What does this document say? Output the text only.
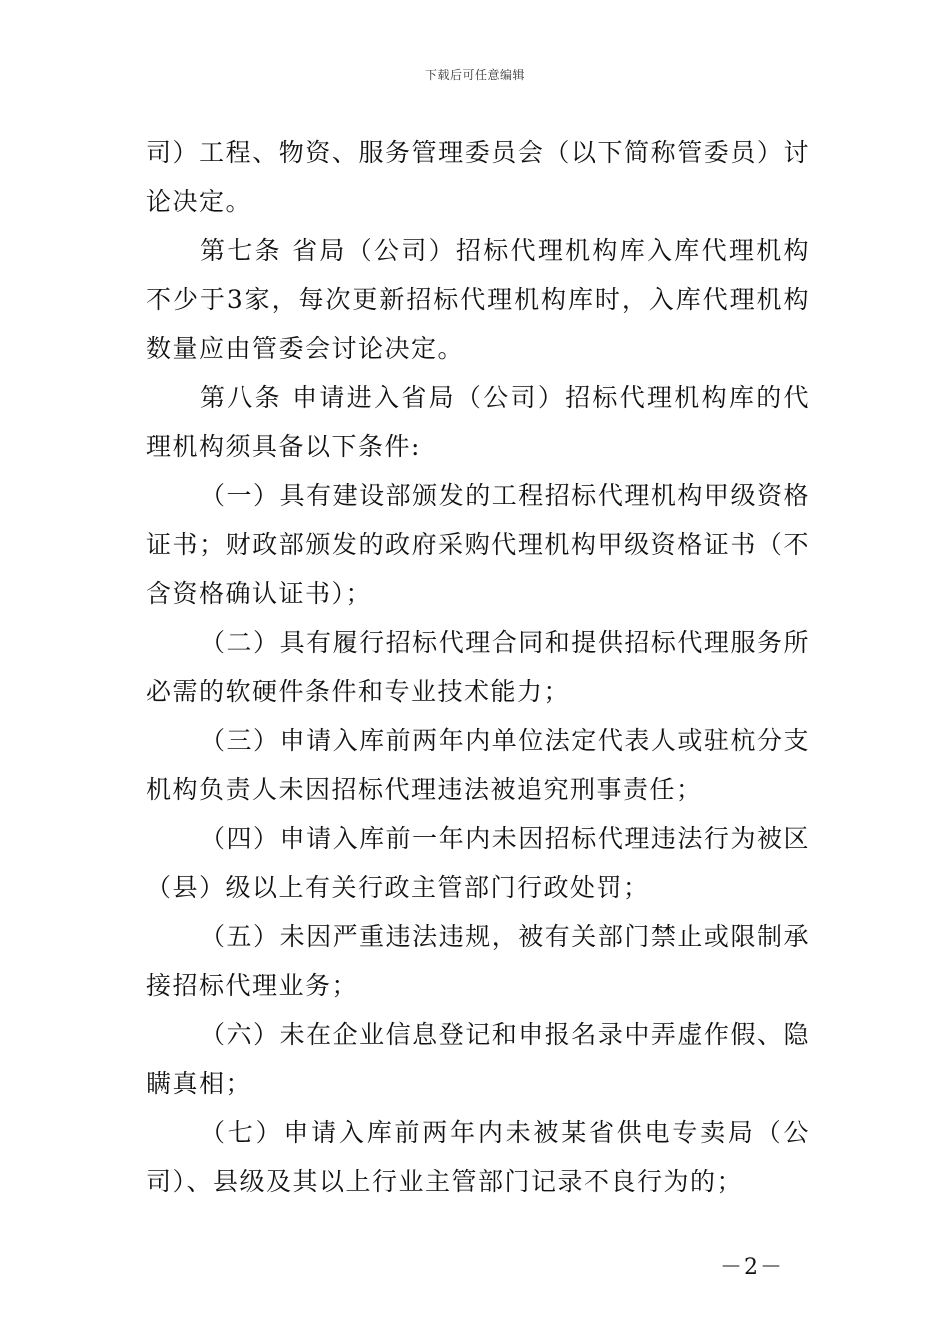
下载后可任意编辑

司）工程、物资、服务管理委员会（以下简称管委员）讨论决定。

第七条 省局（公司）招标代理机构库入库代理机构不少于3家，每次更新招标代理机构库时，入库代理机构数量应由管委会讨论决定。

第八条 申请进入省局（公司）招标代理机构库的代理机构须具备以下条件:

（一）具有建设部颁发的工程招标代理机构甲级资格证书；财政部颁发的政府采购代理机构甲级资格证书（不含资格确认证书）；

（二）具有履行招标代理合同和提供招标代理服务所必需的软硬件条件和专业技术能力；

（三）申请入库前两年内单位法定代表人或驻杭分支机构负责人未因招标代理违法被追究刑事责任；

（四）申请入库前一年内未因招标代理违法行为被区（县）级以上有关行政主管部门行政处罚；

（五）未因严重违法违规，被有关部门禁止或限制承接招标代理业务；

（六）未在企业信息登记和申报名录中弄虚作假、隐瞒真相；

（七）申请入库前两年内未被某省供电专卖局（公司）、县级及其以上行业主管部门记录不良行为的；

－2－
